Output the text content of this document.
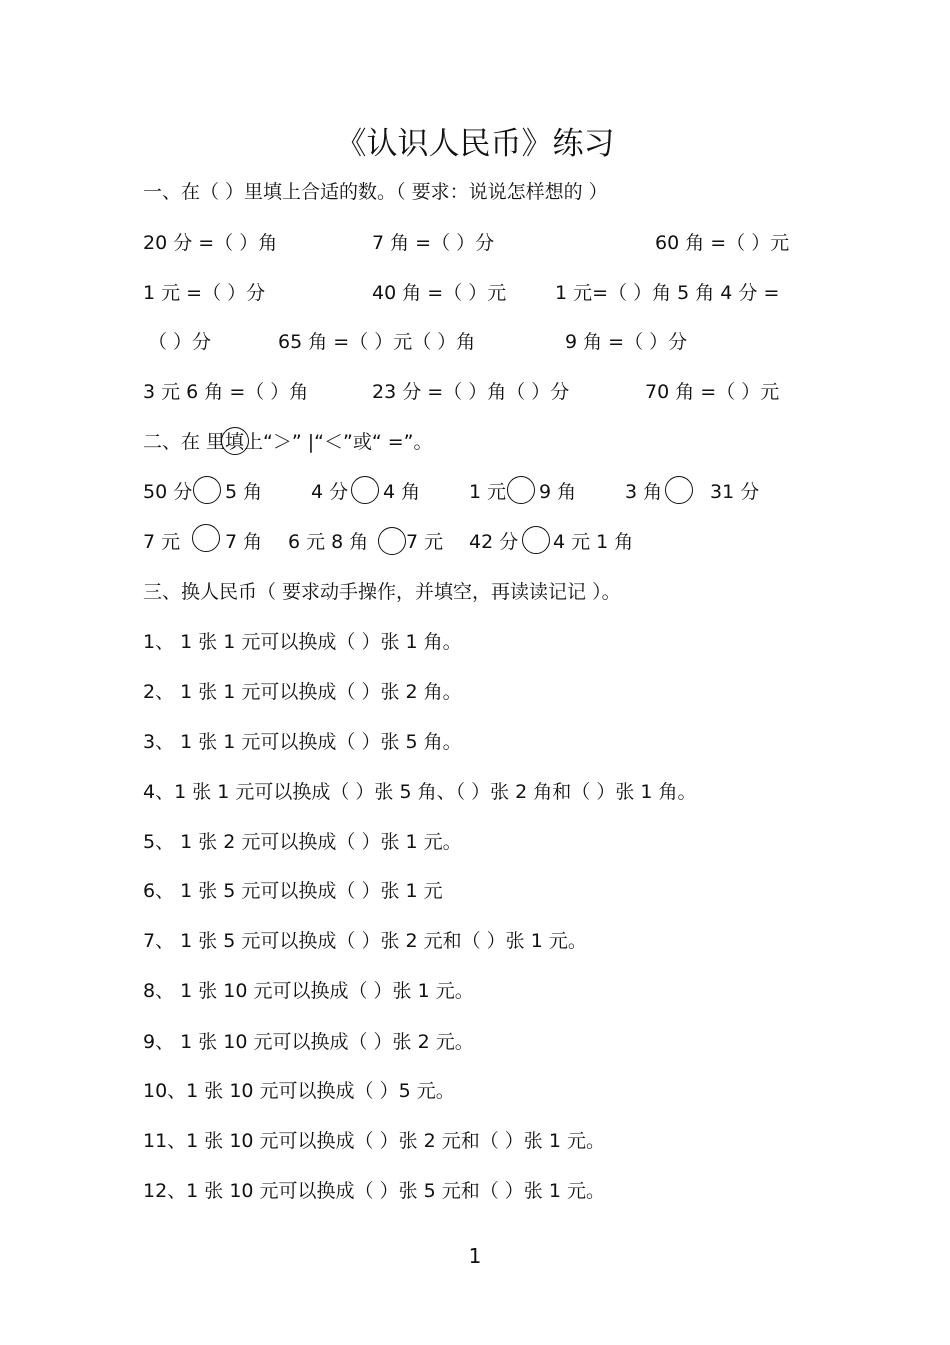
《认识人民币》练习
一、在（ ）里填上合适的数。（ 要求：说说怎样想的 ）
20 分 =（ ）角	7 角 =（ ）分	60 角 =（ ）元
1 元 =（ ）分	40 角 =（ ）元	1 元=（ ）角 5 角 4 分 =
（ ）分	65 角 =（ ）元（ ）角	9 角 =（ ）分
3 元 6 角 =（ ）角	23 分 =（ ）角（ ）分	70 角 =（ ）元
二、在 里填上“＞” |“＜”或“ =”。
50 分 5 角	4 分 4 角	1 元 9 角	3 角	31 分
7 元 7 角 6 元 8 角 7 元 42 分 4 元 1 角
三、换人民币（ 要求动手操作，并填空，再读读记记 ）。
1、 1 张 1 元可以换成（ ）张 1 角。
2、 1 张 1 元可以换成（ ）张 2 角。
3、 1 张 1 元可以换成（ ）张 5 角。
4、1 张 1 元可以换成（ ）张 5 角、（ ）张 2 角和（ ）张 1 角。
5、 1 张 2 元可以换成（ ）张 1 元。
6、 1 张 5 元可以换成（ ）张 1 元
7、 1 张 5 元可以换成（ ）张 2 元和（ ）张 1 元。
8、 1 张 10 元可以换成（ ）张 1 元。
9、 1 张 10 元可以换成（ ）张 2 元。
10、1 张 10 元可以换成（ ）5 元。
11、1 张 10 元可以换成（ ）张 2 元和（ ）张 1 元。
12、1 张 10 元可以换成（ ）张 5 元和（ ）张 1 元。
1
